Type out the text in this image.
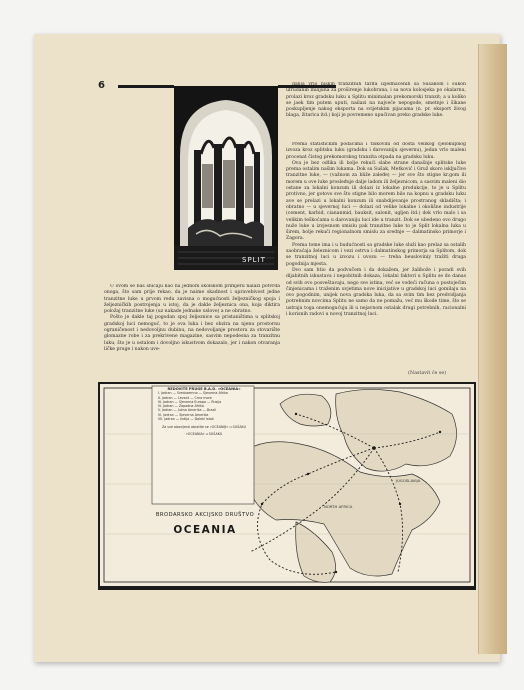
6
SPLIT

danja vrlo niskih tranzitnih tarifa izjednačenih sa Sušakom i sukon ufrudanih milijuna za proširenje lukobrana, i sa nova kolosjeka po okalarnu, prolazi kroz gradsku luku u Splitu minimalan prekomorski tranzit; a u koliko se jaek tim putem uputi, nailazi na najveće nepogode, smetnje i šikane poskupljenje nakog eksporta na svijetskim pijacama (n. pr. eksport živog blaga, žitarica itd.) koji je povremeno upućivan preko gradske luke.

Prema statističkim podacima i tiskovini od dosta velikog cjelokupnog izvoza kroz splitsku luku (gradsku i darovaniju sjevernu), jedan vrlo maleni procenat čistog prekomorskog tranzita otpada na gradsku luku.

Ova je bez odlika ili bolje rekući slabe strane današnje splitske luke prema ostalim našim lukama. Dok su Sušak, Metković i Gruž skoro isključive tranzitne luke, — (važnom za bliže zaleđe) — jer sve što stigne kr.gom ili morem u ove luke prosleđuje dalje ladom ili željeznicom, a sasvim maleni dio ostane za lokalni konzum ili dolazi iz lokalne produkcije, to je u Splitu protivno, jer gotovo sve što stigne bilo morem bilo na kopnu u gradsku luku ave se prelazi u lokalni konzum ili snabdijevanje prostranog skladišta; i obratno — u sjevernoj luci — dolazi od velike lokalne i okolišne industrije (cement, karbid, ciananmid, bauksit, salonit, ugljen itd.) dok vrlo malo i sa velikim teškoćama u darovaniju luci ide u tranzit. Dok se ubedeno ovo drugo nuže luke u izvjesnom smislu pak tranzitne luke to je Split lokalna luka u širem, bolje rekući regionalnom smislu za srednje — dalmatinsko primorje i Zagora.

Prema tome ima i u budućnosti sa gradske luke služi kao prelaz sa ostalih saobraćaja železnicom i vezi ostrva i dalmatinskog primorja sa Splitom, dok se tranzitnoj luci u izvozu i uvozu — treba beusloviniy tražiti druga pogodnija mjesta.

Dvo sam htio da podvučem i da dokažem, jer žalibože i poradi svih dijabitnih iskustava i nepobitnih dokaza, lokalni faktori u Splitu se do danas od svih ovo posveštavaju, nego sve istina, već se vodeći računa o postojećim činjenicama i traženim uvjetima nove inicijative u gradskoj luci gomilaju na ovo pogodnim, unijek nova gradska luka, da sa svim tim bez predvidjanja potrebnim novcima Splitu ne samo da ne pomažu, već mu škode time, što se ustraju toga onemogućuju ili u nejavnom ostalak drugi potrebnih, racionalni i korisnih radovi u novoj tranzitnoj luci.

(Nastavit će se)

U ovom se baš slučaju kao na jednom školskom primjeru nalazi potvrda onoga, što sam prije rekao, da je naime skadnost i upravebivost jedne tranzitne luke u prvom redu zavisna o mogućnosti željezničkog spoja i željezničkih postrojenja u istoj, da je dakle željeznica ona, koja diktira položaj tranzitne luke (uz nakade jednake uslove) a ne obratno.

Pošto je dakle taj pogodan spoj željeznice sa pristaništima u splitskoj gradskoj luci nemoguć, to je ova luka i bez obzira na njenu prostornu ograničenost i nedovoljnu dubinu, na nedovoljanje prostora za stovarište glomazne robe i za prekrivene magazine, sasvim nepodesna za tranzitnu luku, što je u ostalom i dovoljno iskustvom dokazalo, jer i nakon otvaranja ličke pruge i nakon uve-

REDOVITE PRUGE B.A.D. »OCEANIA«
I. Jadran — Sredozemno — Sjeverna Afrika
II. Jadran — Levant — Crno more
III. Jadran — Sjeverna Europa — Rusija
IV. Jadran — Zapadna Afrika
V. Jadran — Južna Amerika — Brazil
VI. Jadran — Sjeverna Amerika
VII. Jadran — Indija — Daleki istok
Za sve obavijesti obratite se »OCEANIJI« u SUŠAKU
»OCEANIA« u SUŠAKU
BRODARSKO AKCIJSKO DRUŠTVO
OCEANIA
NORTH AFRICA
JUGOSLAVIJA
